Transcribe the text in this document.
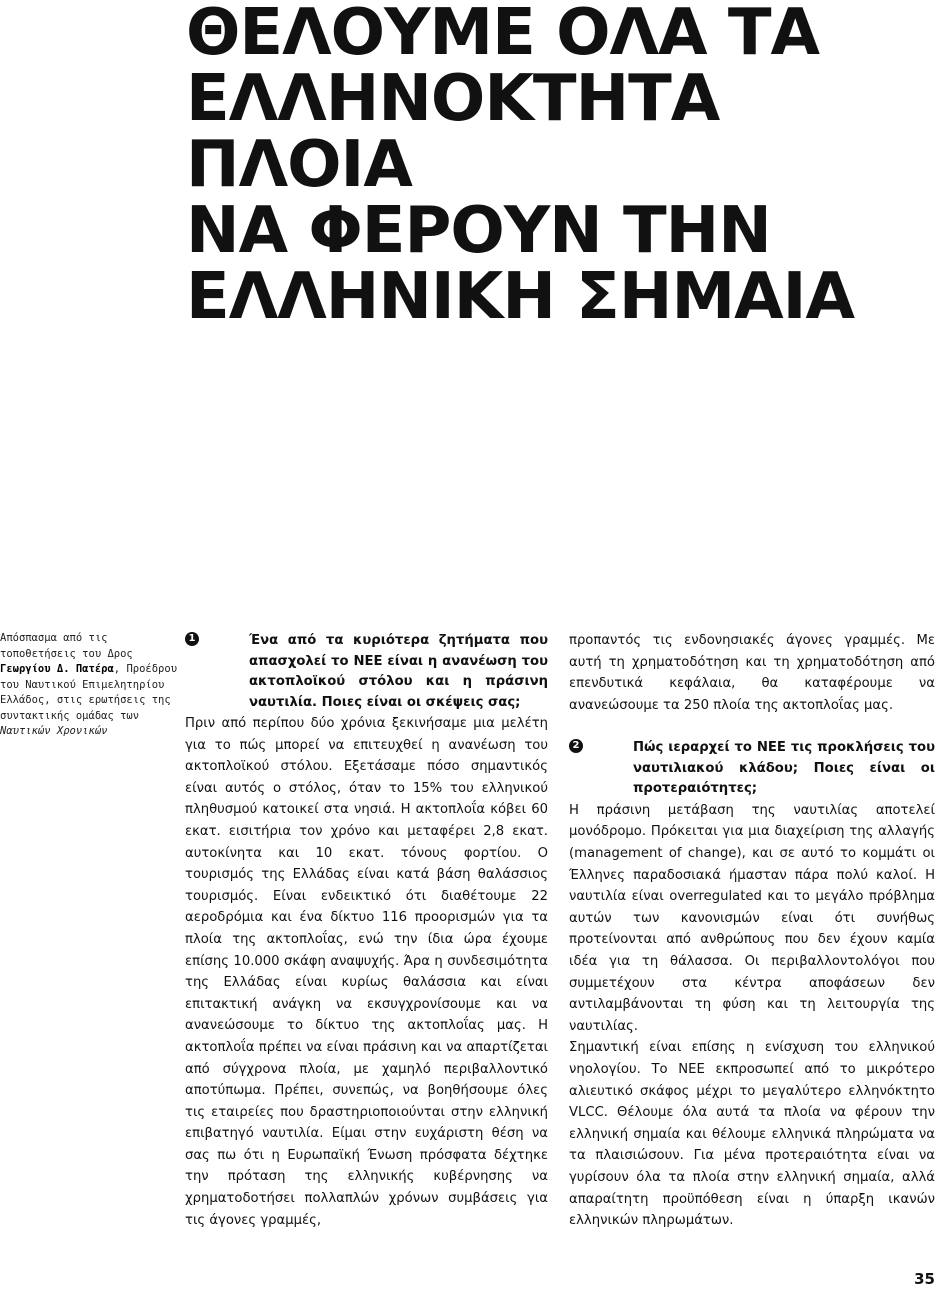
ΘΕΛΟΥΜΕ ΟΛΑ ΤΑ
ΕΛΛΗΝΟΚΤΗΤΑ ΠΛΟΙΑ
ΝΑ ΦΕΡΟΥΝ ΤΗΝ
ΕΛΛΗΝΙΚΗ ΣΗΜΑΙΑ
Απόσπασμα από τις τοποθετήσεις του Δρος Γεωργίου Δ. Πατέρα, Προέδρου του Ναυτικού Επιμελητηρίου Ελλάδος, στις ερωτήσεις της συντακτικής ομάδας των Ναυτικών Χρονικών
1	Ένα από τα κυριότερα ζητήματα που απασχολεί το ΝΕΕ είναι η ανανέωση του ακτοπλοϊκού στόλου και η πράσινη ναυτιλία. Ποιες είναι οι σκέψεις σας;

Πριν από περίπου δύο χρόνια ξεκινήσαμε μια μελέτη για το πώς μπορεί να επιτευχθεί η ανανέωση του ακτοπλοϊκού στόλου. Εξετάσαμε πόσο σημαντικός είναι αυτός ο στόλος, όταν το 15% του ελληνικού πληθυσμού κατοικεί στα νησιά. Η ακτοπλοΐα κόβει 60 εκατ. εισιτήρια τον χρόνο και μεταφέρει 2,8 εκατ. αυτοκίνητα και 10 εκατ. τόνους φορτίου. Ο τουρισμός της Ελλάδας είναι κατά βάση θαλάσσιος τουρισμός. Είναι ενδεικτικό ότι διαθέτουμε 22 αεροδρόμια και ένα δίκτυο 116 προορισμών για τα πλοία της ακτοπλοΐας, ενώ την ίδια ώρα έχουμε επίσης 10.000 σκάφη αναψυχής. Άρα η συνδεσιμότητα της Ελλάδας είναι κυρίως θαλάσσια και είναι επιτακτική ανάγκη να εκσυγχρονίσουμε και να ανανεώσουμε το δίκτυο της ακτοπλοΐας μας. Η ακτοπλοΐα πρέπει να είναι πράσινη και να απαρτίζεται από σύγχρονα πλοία, με χαμηλό περιβαλλοντικό αποτύπωμα. Πρέπει, συνεπώς, να βοηθήσουμε όλες τις εταιρείες που δραστηριοποιούνται στην ελληνική επιβατηγό ναυτιλία. Είμαι στην ευχάριστη θέση να σας πω ότι η Ευρωπαϊκή Ένωση πρόσφατα δέχτηκε την πρόταση της ελληνικής κυβέρνησης να χρηματοδοτήσει πολλαπλών χρόνων συμβάσεις για τις άγονες γραμμές,

προπαντός τις ενδονησιακές άγονες γραμμές. Με αυτή τη χρηματοδότηση και τη χρηματοδότηση από επενδυτικά κεφάλαια, θα καταφέρουμε να ανανεώσουμε τα 250 πλοία της ακτοπλοΐας μας.

2	Πώς ιεραρχεί το ΝΕΕ τις προκλήσεις του ναυτιλιακού κλάδου; Ποιες είναι οι προτεραιότητες;

Η πράσινη μετάβαση της ναυτιλίας αποτελεί μονόδρομο. Πρόκειται για μια διαχείριση της αλλαγής (management of change), και σε αυτό το κομμάτι οι Έλληνες παραδοσιακά ήμασταν πάρα πολύ καλοί. Η ναυτιλία είναι overregulated και το μεγάλο πρόβλημα αυτών των κανονισμών είναι ότι συνήθως προτείνονται από ανθρώπους που δεν έχουν καμία ιδέα για τη θάλασσα. Οι περιβαλλοντολόγοι που συμμετέχουν στα κέντρα αποφάσεων δεν αντιλαμβάνονται τη φύση και τη λειτουργία της ναυτιλίας.

Σημαντική είναι επίσης η ενίσχυση του ελληνικού νηολογίου. Το ΝΕΕ εκπροσωπεί από το μικρότερο αλιευτικό σκάφος μέχρι το μεγαλύτερο ελληνόκτητο VLCC. Θέλουμε όλα αυτά τα πλοία να φέρουν την ελληνική σημαία και θέλουμε ελληνικά πληρώματα να τα πλαισιώσουν. Για μένα προτεραιότητα είναι να γυρίσουν όλα τα πλοία στην ελληνική σημαία, αλλά απαραίτητη προϋπόθεση είναι η ύπαρξη ικανών ελληνικών πληρωμάτων.

35
